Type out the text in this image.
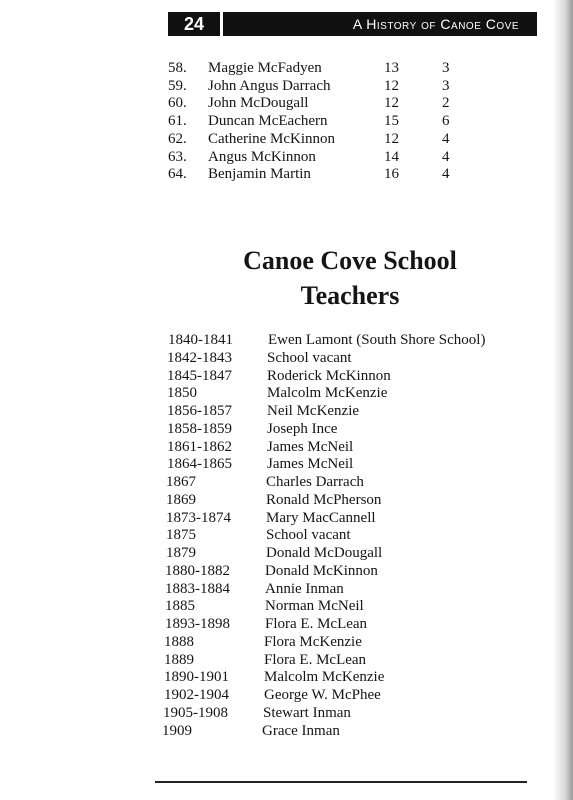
24	A History of Canoe Cove
58.	Maggie McFadyen	13	3
59.	John Angus Darrach	12	3
60.	John McDougall	12	2
61.	Duncan McEachern	15	6
62.	Catherine McKinnon	12	4
63.	Angus McKinnon	14	4
64.	Benjamin Martin	16	4
Canoe Cove School
Teachers
1840-1841 Ewen Lamont (South Shore School)
1842-1843 School vacant
1845-1847 Roderick McKinnon
1850	Malcolm McKenzie
1856-1857 Neil McKenzie
1858-1859 Joseph Ince
1861-1862 James McNeil
1864-1865 James McNeil
1867	Charles Darrach
1869	Ronald McPherson
1873-1874 Mary MacCannell
1875	School vacant
1879	Donald McDougall
1880-1882 Donald McKinnon
1883-1884 Annie Inman
1885	Norman McNeil
1893-1898 Flora E. McLean
1888	Flora McKenzie
1889	Flora E. McLean
1890-1901 Malcolm McKenzie
1902-1904 George W. McPhee
1905-1908 Stewart Inman
1909	Grace Inman
